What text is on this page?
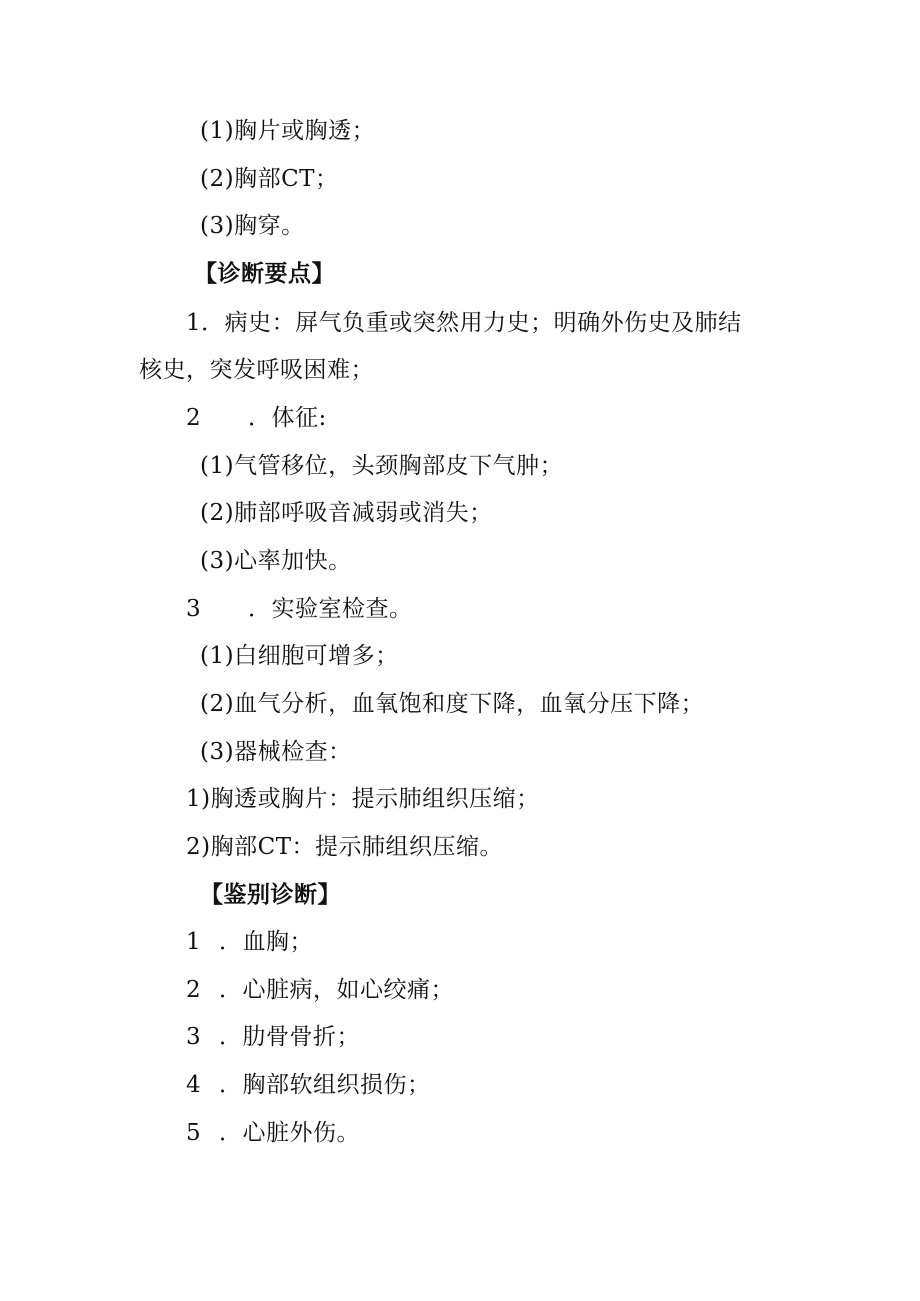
(1)胸片或胸透；
(2)胸部CT；
(3)胸穿。
【诊断要点】
1．病史：屏气负重或突然用力史；明确外伤史及肺结
核史，突发呼吸困难；
2 ．体征:
(1)气管移位，头颈胸部皮下气肿；
(2)肺部呼吸音减弱或消失；
(3)心率加快。
3 ．实验室检查。
(1)白细胞可增多；
(2)血气分析，血氧饱和度下降，血氧分压下降；
(3)器械检查：
1)胸透或胸片：提示肺组织压缩；
2)胸部CT：提示肺组织压缩。
【鉴别诊断】
1 ．血胸；
2 ．心脏病，如心绞痛；
3 ．肋骨骨折；
4 ．胸部软组织损伤；
5 ．心脏外伤。
